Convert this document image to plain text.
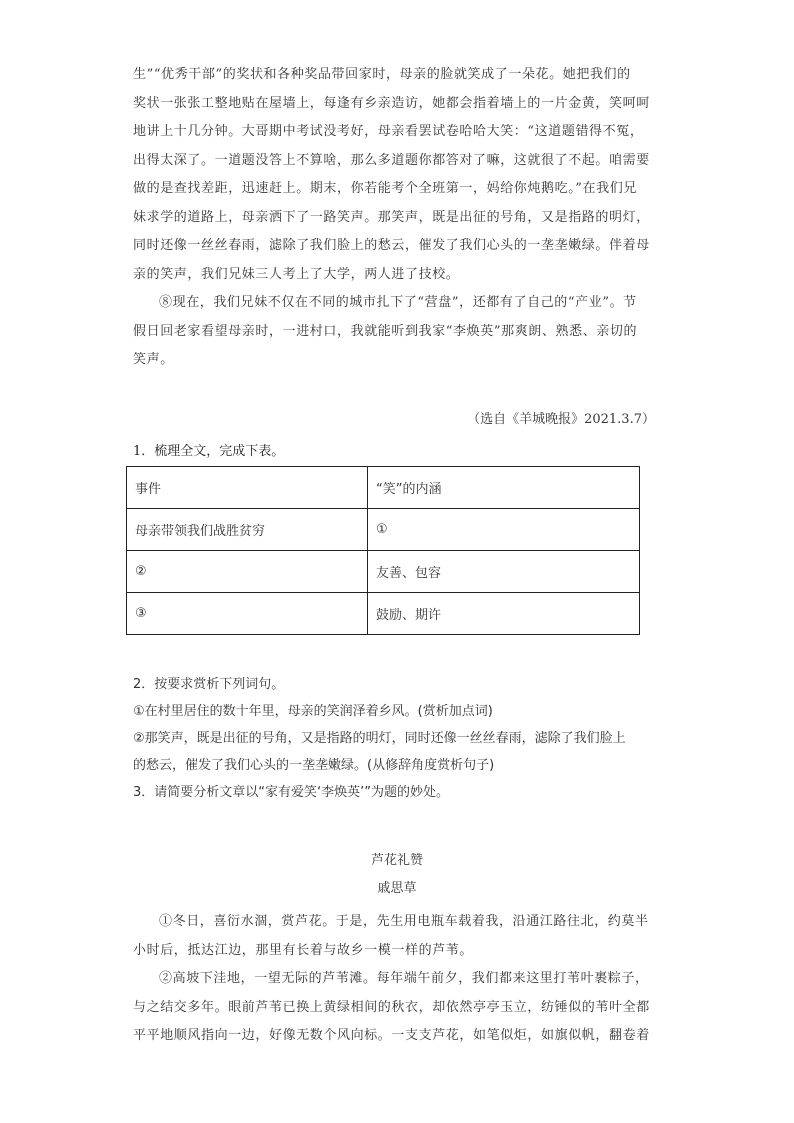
生”“优秀干部”的奖状和各种奖品带回家时，母亲的脸就笑成了一朵花。她把我们的
奖状一张张工整地贴在屋墙上，每逢有乡亲造访，她都会指着墙上的一片金黄，笑呵呵
地讲上十几分钟。大哥期中考试没考好，母亲看罢试卷哈哈大笑：“这道题错得不冤，
出得太深了。一道题没答上不算啥，那么多道题你都答对了嘛，这就很了不起。咱需要
做的是查找差距，迅速赶上。期末，你若能考个全班第一，妈给你炖鹅吃。”在我们兄
妹求学的道路上，母亲洒下了一路笑声。那笑声，既是出征的号角，又是指路的明灯，
同时还像一丝丝春雨，滤除了我们脸上的愁云，催发了我们心头的一垄垄嫩绿。伴着母
亲的笑声，我们兄妹三人考上了大学，两人进了技校。
⑧现在，我们兄妹不仅在不同的城市扎下了“营盘”，还都有了自己的“产业”。节
假日回老家看望母亲时，一进村口，我就能听到我家“李焕英”那爽朗、熟悉、亲切的
笑声。
（选自《羊城晚报》2021.3.7）
1．梳理全文，完成下表。
事件	“笑”的内涵
母亲带领我们战胜贫穷	①
②	友善、包容
③	鼓励、期许
2．按要求赏析下列词句。
①在村里居住的数十年里，母亲的笑润泽着乡风。(赏析加点词)
②那笑声，既是出征的号角，又是指路的明灯，同时还像一丝丝春雨，滤除了我们脸上
的愁云，催发了我们心头的一垄垄嫩绿。(从修辞角度赏析句子)
3．请简要分析文章以“家有爱笑‘李焕英’”为题的妙处。
芦花礼赞
戚思草
①冬日，喜衍水涸，赏芦花。于是，先生用电瓶车载着我，沿通江路往北，约莫半
小时后，抵达江边，那里有长着与故乡一模一样的芦苇。
②高坡下洼地，一望无际的芦苇滩。每年端午前夕，我们都来这里打苇叶裹粽子，
与之结交多年。眼前芦苇已换上黄绿相间的秋衣，却依然亭亭玉立，纺锤似的苇叶全都
平平地顺风指向一边，好像无数个风向标。一支支芦花，如笔似炬，如旗似帆，翻卷着
